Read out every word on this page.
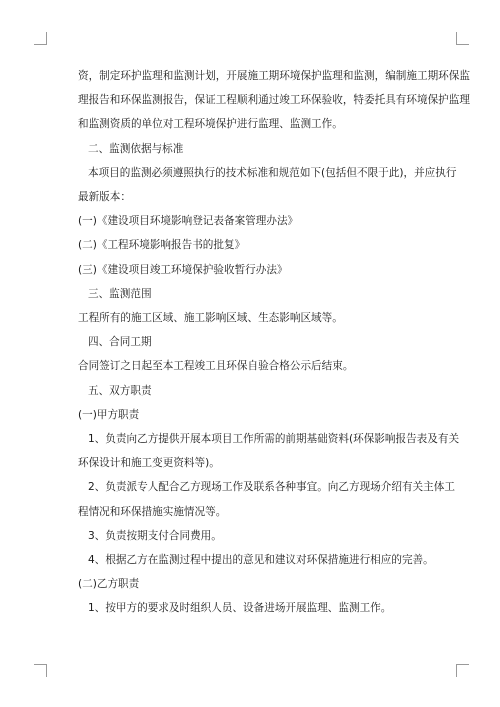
资，制定环护监理和监测计划，开展施工期环境保护监理和监测，编制施工期环保监

理报告和环保监测报告，保证工程顺利通过竣工环保验收，特委托具有环境保护监理

和监测资质的单位对工程环境保护进行监理、监测工作。

二、监测依据与标准

本项目的监测必须遵照执行的技术标准和规范如下(包括但不限于此)，并应执行

最新版本：

(一)《建设项目环境影响登记表备案管理办法》

(二)《工程环境影响报告书的批复》

(三)《建设项目竣工环境保护验收暂行办法》

三、监测范围

工程所有的施工区域、施工影响区域、生态影响区域等。

四、合同工期

合同签订之日起至本工程竣工且环保自验合格公示后结束。

五、双方职责

(一)甲方职责

1、负责向乙方提供开展本项目工作所需的前期基础资料(环保影响报告表及有关

环保设计和施工变更资料等)。

2、负责派专人配合乙方现场工作及联系各种事宜。向乙方现场介绍有关主体工

程情况和环保措施实施情况等。

3、负责按期支付合同费用。

4、根据乙方在监测过程中提出的意见和建议对环保措施进行相应的完善。

(二)乙方职责

1、按甲方的要求及时组织人员、设备进场开展监理、监测工作。
